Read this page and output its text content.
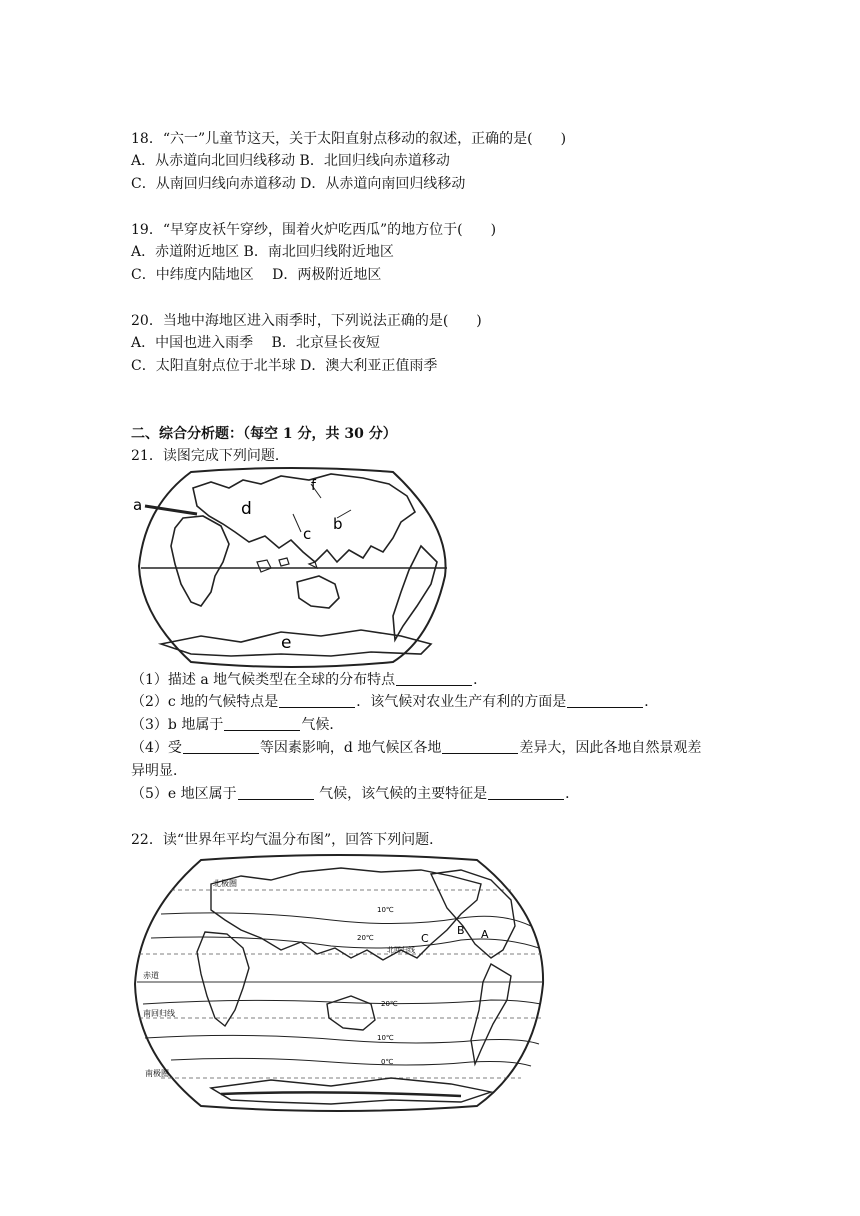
18．“六一”儿童节这天，关于太阳直射点移动的叙述，正确的是(　　)
A．从赤道向北回归线移动 B．北回归线向赤道移动
C．从南回归线向赤道移动 D．从赤道向南回归线移动
19．“早穿皮袄午穿纱，围着火炉吃西瓜”的地方位于(　　)
A．赤道附近地区 B．南北回归线附近地区
C．中纬度内陆地区　 D．两极附近地区
20．当地中海地区进入雨季时，下列说法正确的是(　　)
A．中国也进入雨季　 B．北京昼长夜短
C．太阳直射点位于北半球 D．澳大利亚正值雨季
二、综合分析题：（每空 1 分，共 30 分）
21．读图完成下列问题．
a	d
c
b
f
e
（1）描述 a 地气候类型在全球的分布特点	．
（2）c 地的气候特点是	．该气候对农业生产有利的方面是	．
（3）b 地属于	气候．
（4）受	等因素影响，d 地气候区各地	差异大，因此各地自然景观差
异明显．
（5）e 地区属于	气候，该气候的主要特征是	．
22．读“世界年平均气温分布图”，回答下列问题．
北极圈
赤道
北回归线
南回归线
南极圈
C
B A
10℃
20℃
20℃
10℃
0℃
